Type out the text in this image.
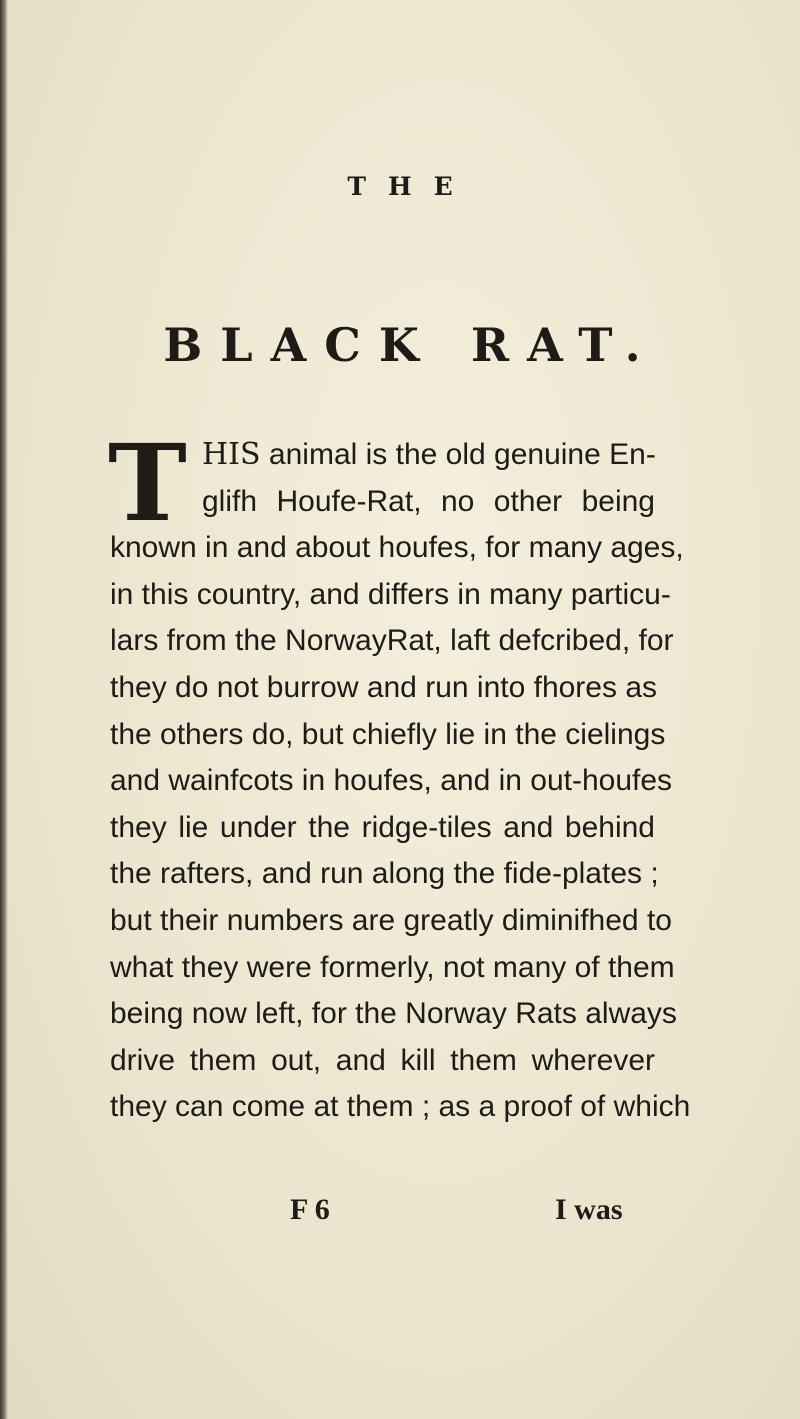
THE
BLACK RAT.
T HIS animal is the old genuine En-
glifh Houfe-Rat, no other being
known in and about houfes, for many ages,
in this country, and differs in many particu-
lars from the NorwayRat, laft defcribed, for
they do not burrow and run into fhores as
the others do, but chiefly lie in the cielings
and wainfcots in houfes, and in out-houfes
they lie under the ridge-tiles and behind
the rafters, and run along the fide-plates ;
but their numbers are greatly diminifhed to
what they were formerly, not many of them
being now left, for the Norway Rats always
drive them out, and kill them wherever
they can come at them ; as a proof of which
F 6	I was
